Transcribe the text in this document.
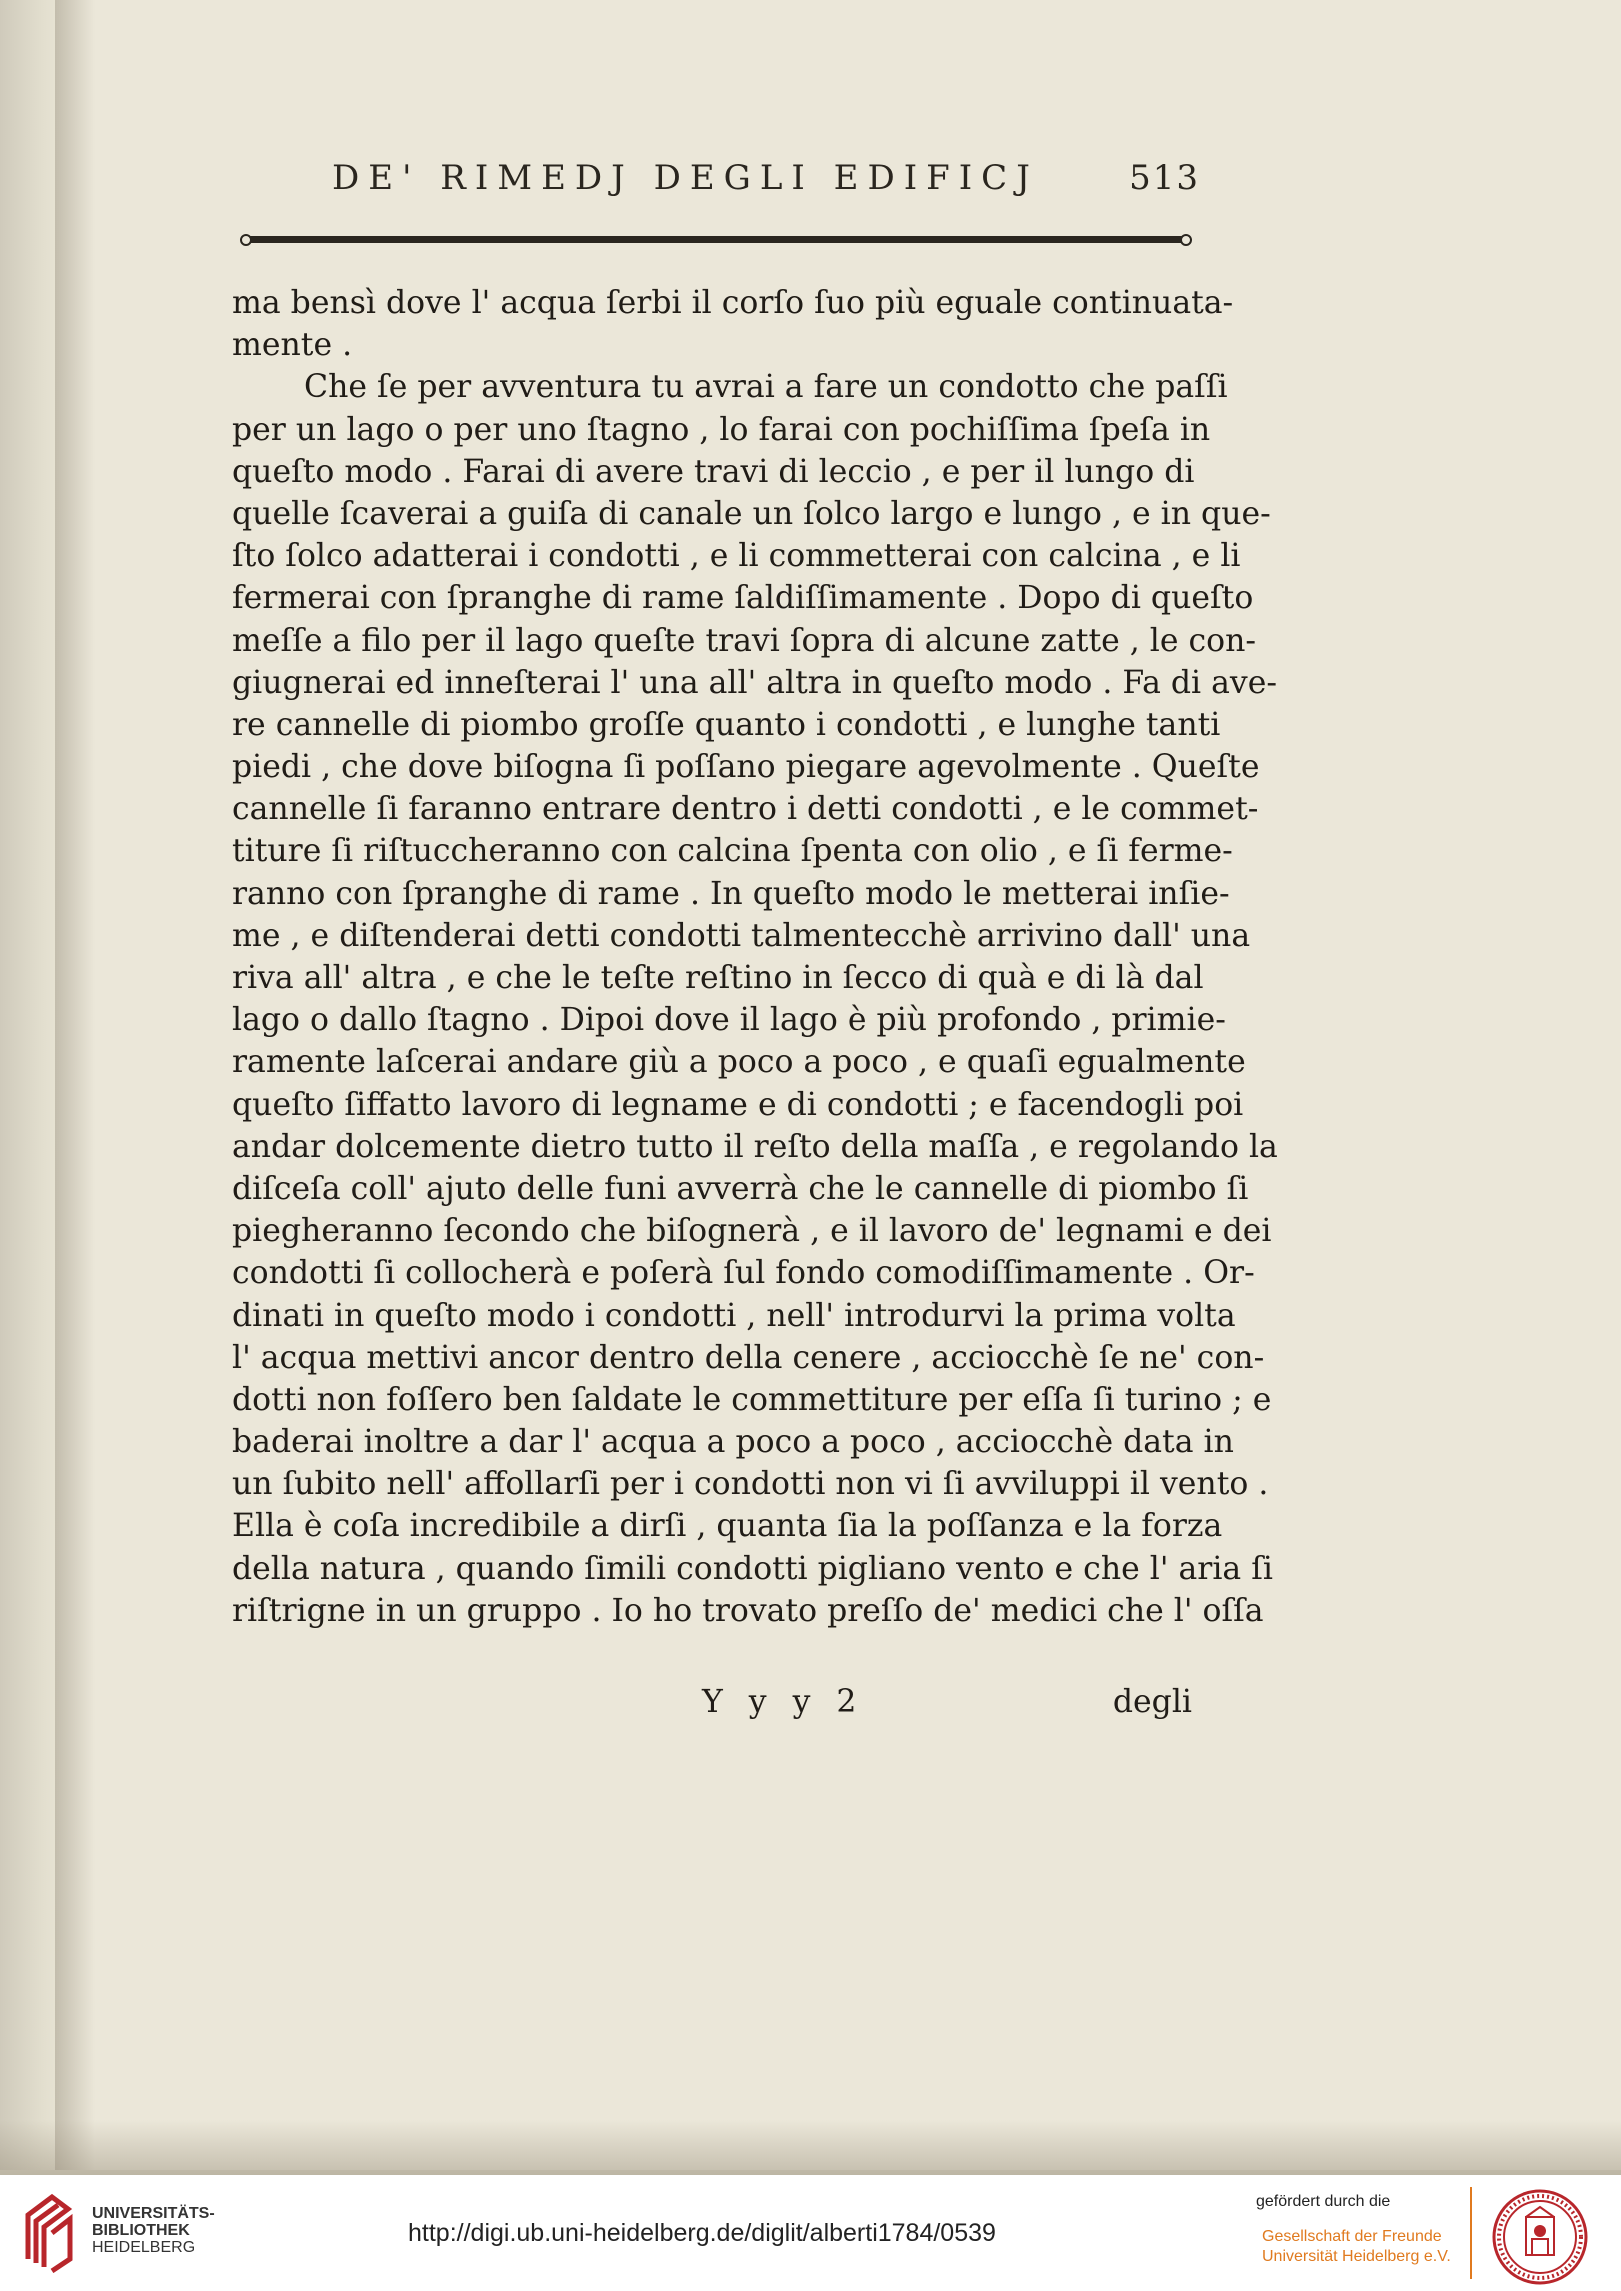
DE' RIMEDJ DEGLI EDIFICJ	513
ma bensì dove l' acqua ſerbi il corſo ſuo più eguale continuata-
mente .
Che ſe per avventura tu avrai a fare un condotto che paſſi
per un lago o per uno ſtagno , lo farai con pochiſſima ſpeſa in
queſto modo . Farai di avere travi di leccio , e per il lungo di
quelle ſcaverai a guiſa di canale un ſolco largo e lungo , e in que-
ſto ſolco adatterai i condotti , e li commetterai con calcina , e li
fermerai con ſpranghe di rame ſaldiſſimamente . Dopo di queſto
meſſe a filo per il lago queſte travi ſopra di alcune zatte , le con-
giugnerai ed inneſterai l' una all' altra in queſto modo . Fa di ave-
re cannelle di piombo groſſe quanto i condotti , e lunghe tanti
piedi , che dove biſogna ſi poſſano piegare agevolmente . Queſte
cannelle ſi faranno entrare dentro i detti condotti , e le commet-
titure ſi riſtuccheranno con calcina ſpenta con olio , e ſi ferme-
ranno con ſpranghe di rame . In queſto modo le metterai inſie-
me , e diſtenderai detti condotti talmentecchè arrivino dall' una
riva all' altra , e che le teſte reſtino in ſecco di quà e di là dal
lago o dallo ſtagno . Dipoi dove il lago è più profondo , primie-
ramente laſcerai andare giù a poco a poco , e quaſi egualmente
queſto ſiffatto lavoro di legname e di condotti ; e facendogli poi
andar dolcemente dietro tutto il reſto della maſſa , e regolando la
diſceſa coll' ajuto delle funi avverrà che le cannelle di piombo ſi
piegheranno ſecondo che biſognerà , e il lavoro de' legnami e dei
condotti ſi collocherà e poſerà ſul fondo comodiſſimamente . Or-
dinati in queſto modo i condotti , nell' introdurvi la prima volta
l' acqua mettivi ancor dentro della cenere , acciocchè ſe ne' con-
dotti non foſſero ben ſaldate le commettiture per eſſa ſi turino ; e
baderai inoltre a dar l' acqua a poco a poco , acciocchè data in
un ſubito nell' affollarſi per i condotti non vi ſi avviluppi il vento .
Ella è coſa incredibile a dirſi , quanta ſia la poſſanza e la forza
della natura , quando ſimili condotti pigliano vento e che l' aria ſi
riſtrigne in un gruppo . Io ho trovato preſſo de' medici che l' oſſa
Y y y 2	degli
UNIVERSITÄTS-
BIBLIOTHEK
HEIDELBERG
http://digi.ub.uni-heidelberg.de/diglit/alberti1784/0539
gefördert durch die
Gesellschaft der Freunde
Universität Heidelberg e.V.
